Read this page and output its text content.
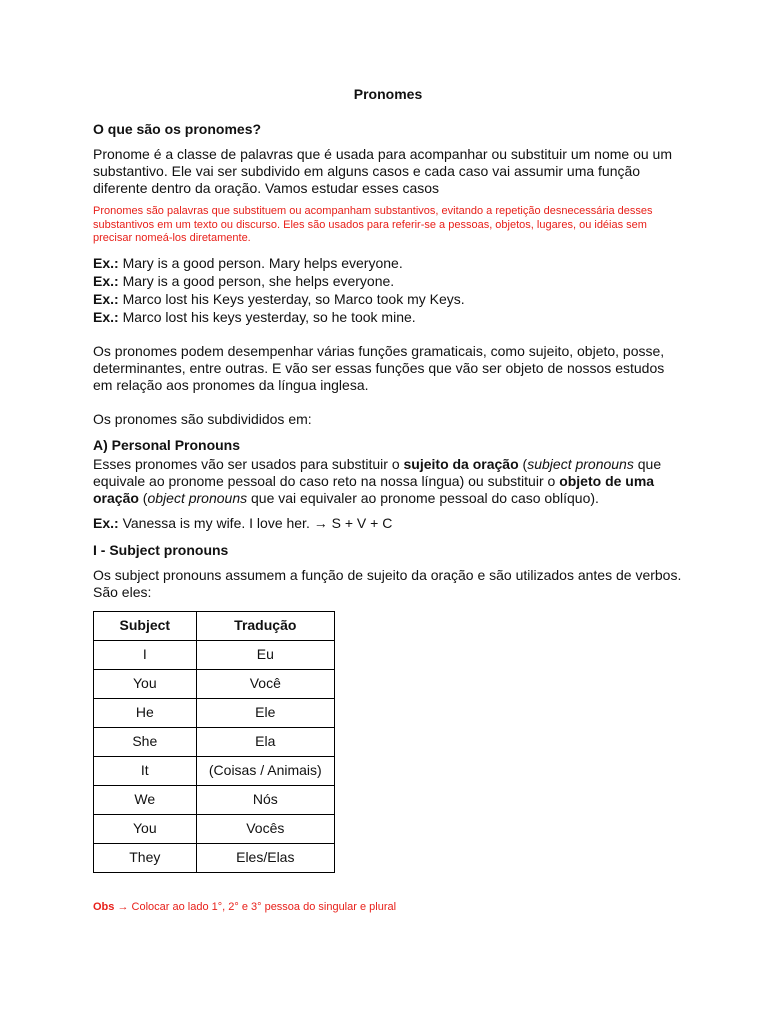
Pronomes
O que são os pronomes?
Pronome é a classe de palavras que é usada para acompanhar ou substituir um nome ou um substantivo. Ele vai ser subdivido em alguns casos e cada caso vai assumir uma função diferente dentro da oração. Vamos estudar esses casos
Pronomes são palavras que substituem ou acompanham substantivos, evitando a repetição desnecessária desses substantivos em um texto ou discurso. Eles são usados para referir-se a pessoas, objetos, lugares, ou idéias sem precisar nomeá-los diretamente.
Ex.: Mary is a good person. Mary helps everyone.
Ex.: Mary is a good person, she helps everyone.
Ex.: Marco lost his Keys yesterday, so Marco took my Keys.
Ex.: Marco lost his keys yesterday, so he took mine.
Os pronomes podem desempenhar várias funções gramaticais, como sujeito, objeto, posse, determinantes, entre outras. E vão ser essas funções que vão ser objeto de nossos estudos em relação aos pronomes da língua inglesa.
Os pronomes são subdivididos em:
A) Personal Pronouns
Esses pronomes vão ser usados para substituir o sujeito da oração (subject pronouns que equivale ao pronome pessoal do caso reto na nossa língua) ou substituir o objeto de uma oração (object pronouns que vai equivaler ao pronome pessoal do caso oblíquo).
Ex.: Vanessa is my wife. I love her. → S + V + C
I - Subject pronouns
Os subject pronouns assumem a função de sujeito da oração e são utilizados antes de verbos. São eles:
Subject	Tradução
I	Eu
You	Você
He	Ele
She	Ela
It	(Coisas / Animais)
We	Nós
You	Vocês
They	Eles/Elas
Obs → Colocar ao lado 1°, 2° e 3° pessoa do singular e plural
